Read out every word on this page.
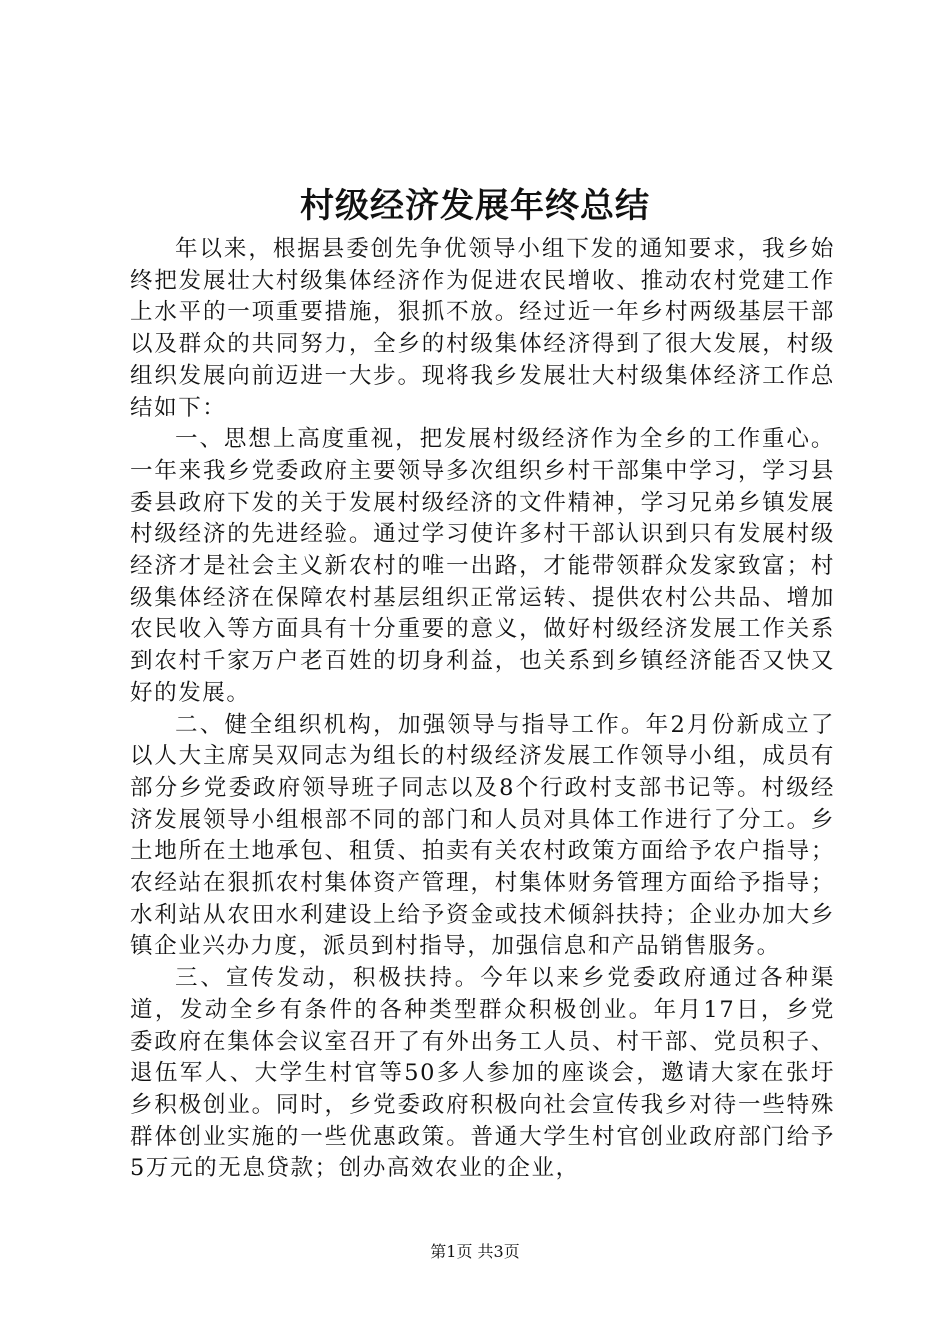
村级经济发展年终总结

年以来，根据县委创先争优领导小组下发的通知要求，我乡始终把发展壮大村级集体经济作为促进农民增收、推动农村党建工作上水平的一项重要措施，狠抓不放。经过近一年乡村两级基层干部以及群众的共同努力，全乡的村级集体经济得到了很大发展，村级组织发展向前迈进一大步。现将我乡发展壮大村级集体经济工作总结如下：

一、思想上高度重视，把发展村级经济作为全乡的工作重心。一年来我乡党委政府主要领导多次组织乡村干部集中学习，学习县委县政府下发的关于发展村级经济的文件精神，学习兄弟乡镇发展村级经济的先进经验。通过学习使许多村干部认识到只有发展村级经济才是社会主义新农村的唯一出路，才能带领群众发家致富；村级集体经济在保障农村基层组织正常运转、提供农村公共品、增加农民收入等方面具有十分重要的意义，做好村级经济发展工作关系到农村千家万户老百姓的切身利益，也关系到乡镇经济能否又快又好的发展。

二、健全组织机构，加强领导与指导工作。年2月份新成立了以人大主席吴双同志为组长的村级经济发展工作领导小组，成员有部分乡党委政府领导班子同志以及8个行政村支部书记等。村级经济发展领导小组根部不同的部门和人员对具体工作进行了分工。乡土地所在土地承包、租赁、拍卖有关农村政策方面给予农户指导；农经站在狠抓农村集体资产管理，村集体财务管理方面给予指导；水利站从农田水利建设上给予资金或技术倾斜扶持；企业办加大乡镇企业兴办力度，派员到村指导，加强信息和产品销售服务。

三、宣传发动，积极扶持。今年以来乡党委政府通过各种渠道，发动全乡有条件的各种类型群众积极创业。年月17日，乡党委政府在集体会议室召开了有外出务工人员、村干部、党员积子、退伍军人、大学生村官等50多人参加的座谈会，邀请大家在张圩乡积极创业。同时，乡党委政府积极向社会宣传我乡对待一些特殊群体创业实施的一些优惠政策。普通大学生村官创业政府部门给予5万元的无息贷款；创办高效农业的企业，

第1页 共3页
